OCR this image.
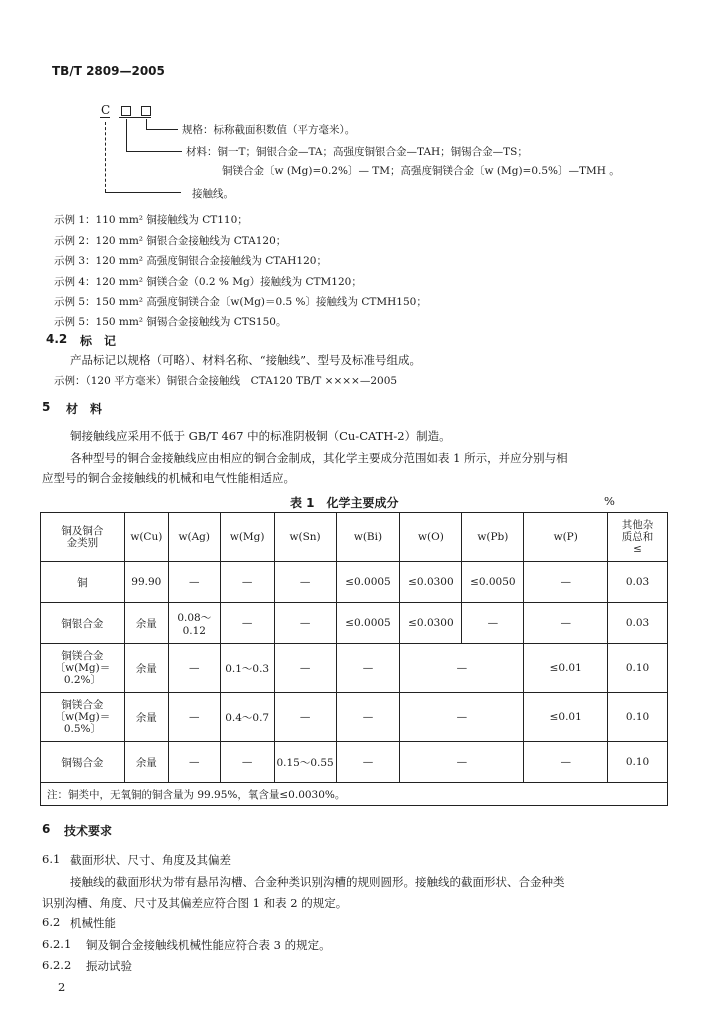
TB/T 2809—2005
C
规格：标称截面积数值（平方毫米）。
材料：铜一T；铜银合金—TA；高强度铜银合金—TAH；铜锡合金—TS；
铜镁合金〔w (Mg)=0.2%〕— TM；高强度铜镁合金〔w (Mg)=0.5%〕—TMH 。
接触线。
示例 1：110 mm² 铜接触线为 CT110；
示例 2：120 mm² 铜银合金接触线为 CTA120；
示例 3：120 mm² 高强度铜银合金接触线为 CTAH120；
示例 4：120 mm² 铜镁合金（0.2 % Mg）接触线为 CTM120；
示例 5：150 mm² 高强度铜镁合金〔w(Mg)＝0.5 %〕接触线为 CTMH150；
示例 5：150 mm² 铜锡合金接触线为 CTS150。
4.2 标　记
产品标记以规格（可略）、材料名称、“接触线”、型号及标准号组成。
示例：（120 平方毫米）铜银合金接触线　CTA120 TB/T ××××—2005
5 材　料
铜接触线应采用不低于 GB/T 467 中的标准阴极铜（Cu-CATH-2）制造。
各种型号的铜合金接触线应由相应的铜合金制成，其化学主要成分范围如表 1 所示，并应分别与相
应型号的铜合金接触线的机械和电气性能相适应。
表 1　化学主要成分	%
铜及铜合
金类别	w(Cu)	w(Ag)	w(Mg)	w(Sn)	w(Bi)	w(O)	w(Pb)	w(P)	其他杂
质总和
≤
铜	99.90	—	—	—	≤0.0005	≤0.0300	≤0.0050	—	0.03
铜银合金	余量	0.08～0.12	—	—	≤0.0005	≤0.0300	—	—	0.03
铜镁合金
〔w(Mg)＝
0.2%〕	余量	—	0.1～0.3	—	—	—		≤0.01	0.10
铜镁合金
〔w(Mg)＝
0.5%〕	余量	—	0.4～0.7	—	—	—		≤0.01	0.10
铜锡合金	余量	—	—	0.15～0.55	—	—		—	0.10
注：铜类中，无氧铜的铜含量为 99.95%，氧含量≤0.0030%。									
6 技术要求
6.1 截面形状、尺寸、角度及其偏差
接触线的截面形状为带有悬吊沟槽、合金种类识别沟槽的规则圆形。接触线的截面形状、合金种类
识别沟槽、角度、尺寸及其偏差应符合图 1 和表 2 的规定。
6.2 机械性能
6.2.1 铜及铜合金接触线机械性能应符合表 3 的规定。
6.2.2 振动试验
2
